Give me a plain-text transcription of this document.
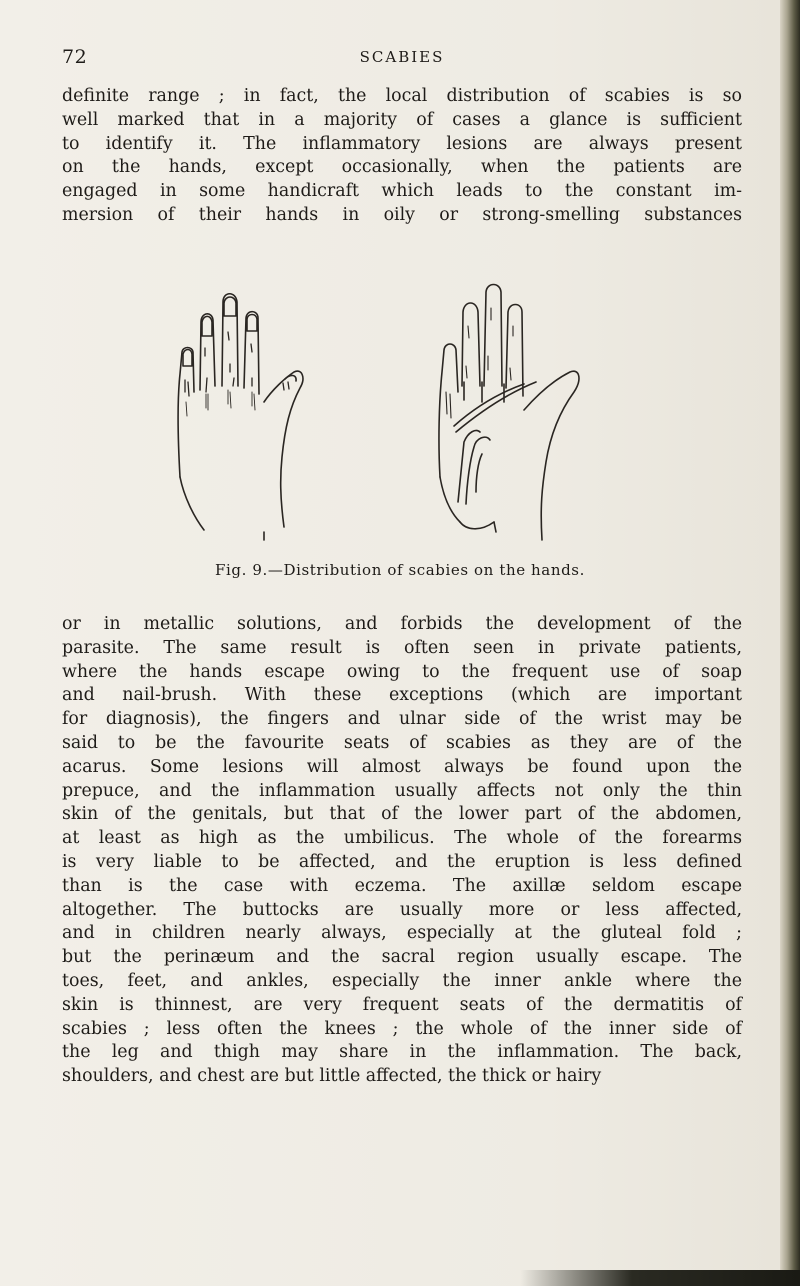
72	SCABIES
definite range ; in fact, the local distribution of scabies is so
well marked that in a majority of cases a glance is sufficient
to identify it. The inflammatory lesions are always present
on the hands, except occasionally, when the patients are
engaged in some handicraft which leads to the constant im-
mersion of their hands in oily or strong-smelling substances
Fig. 9.—Distribution of scabies on the hands.
or in metallic solutions, and forbids the development of the
parasite. The same result is often seen in private patients,
where the hands escape owing to the frequent use of soap
and nail-brush. With these exceptions (which are important
for diagnosis), the fingers and ulnar side of the wrist may be
said to be the favourite seats of scabies as they are of the
acarus. Some lesions will almost always be found upon the
prepuce, and the inflammation usually affects not only the thin
skin of the genitals, but that of the lower part of the abdomen,
at least as high as the umbilicus. The whole of the forearms
is very liable to be affected, and the eruption is less defined
than is the case with eczema. The axillæ seldom escape
altogether. The buttocks are usually more or less affected,
and in children nearly always, especially at the gluteal fold ;
but the perinæum and the sacral region usually escape. The
toes, feet, and ankles, especially the inner ankle where the
skin is thinnest, are very frequent seats of the dermatitis of
scabies ; less often the knees ; the whole of the inner side of
the leg and thigh may share in the inflammation. The back,
shoulders, and chest are but little affected, the thick or hairy
